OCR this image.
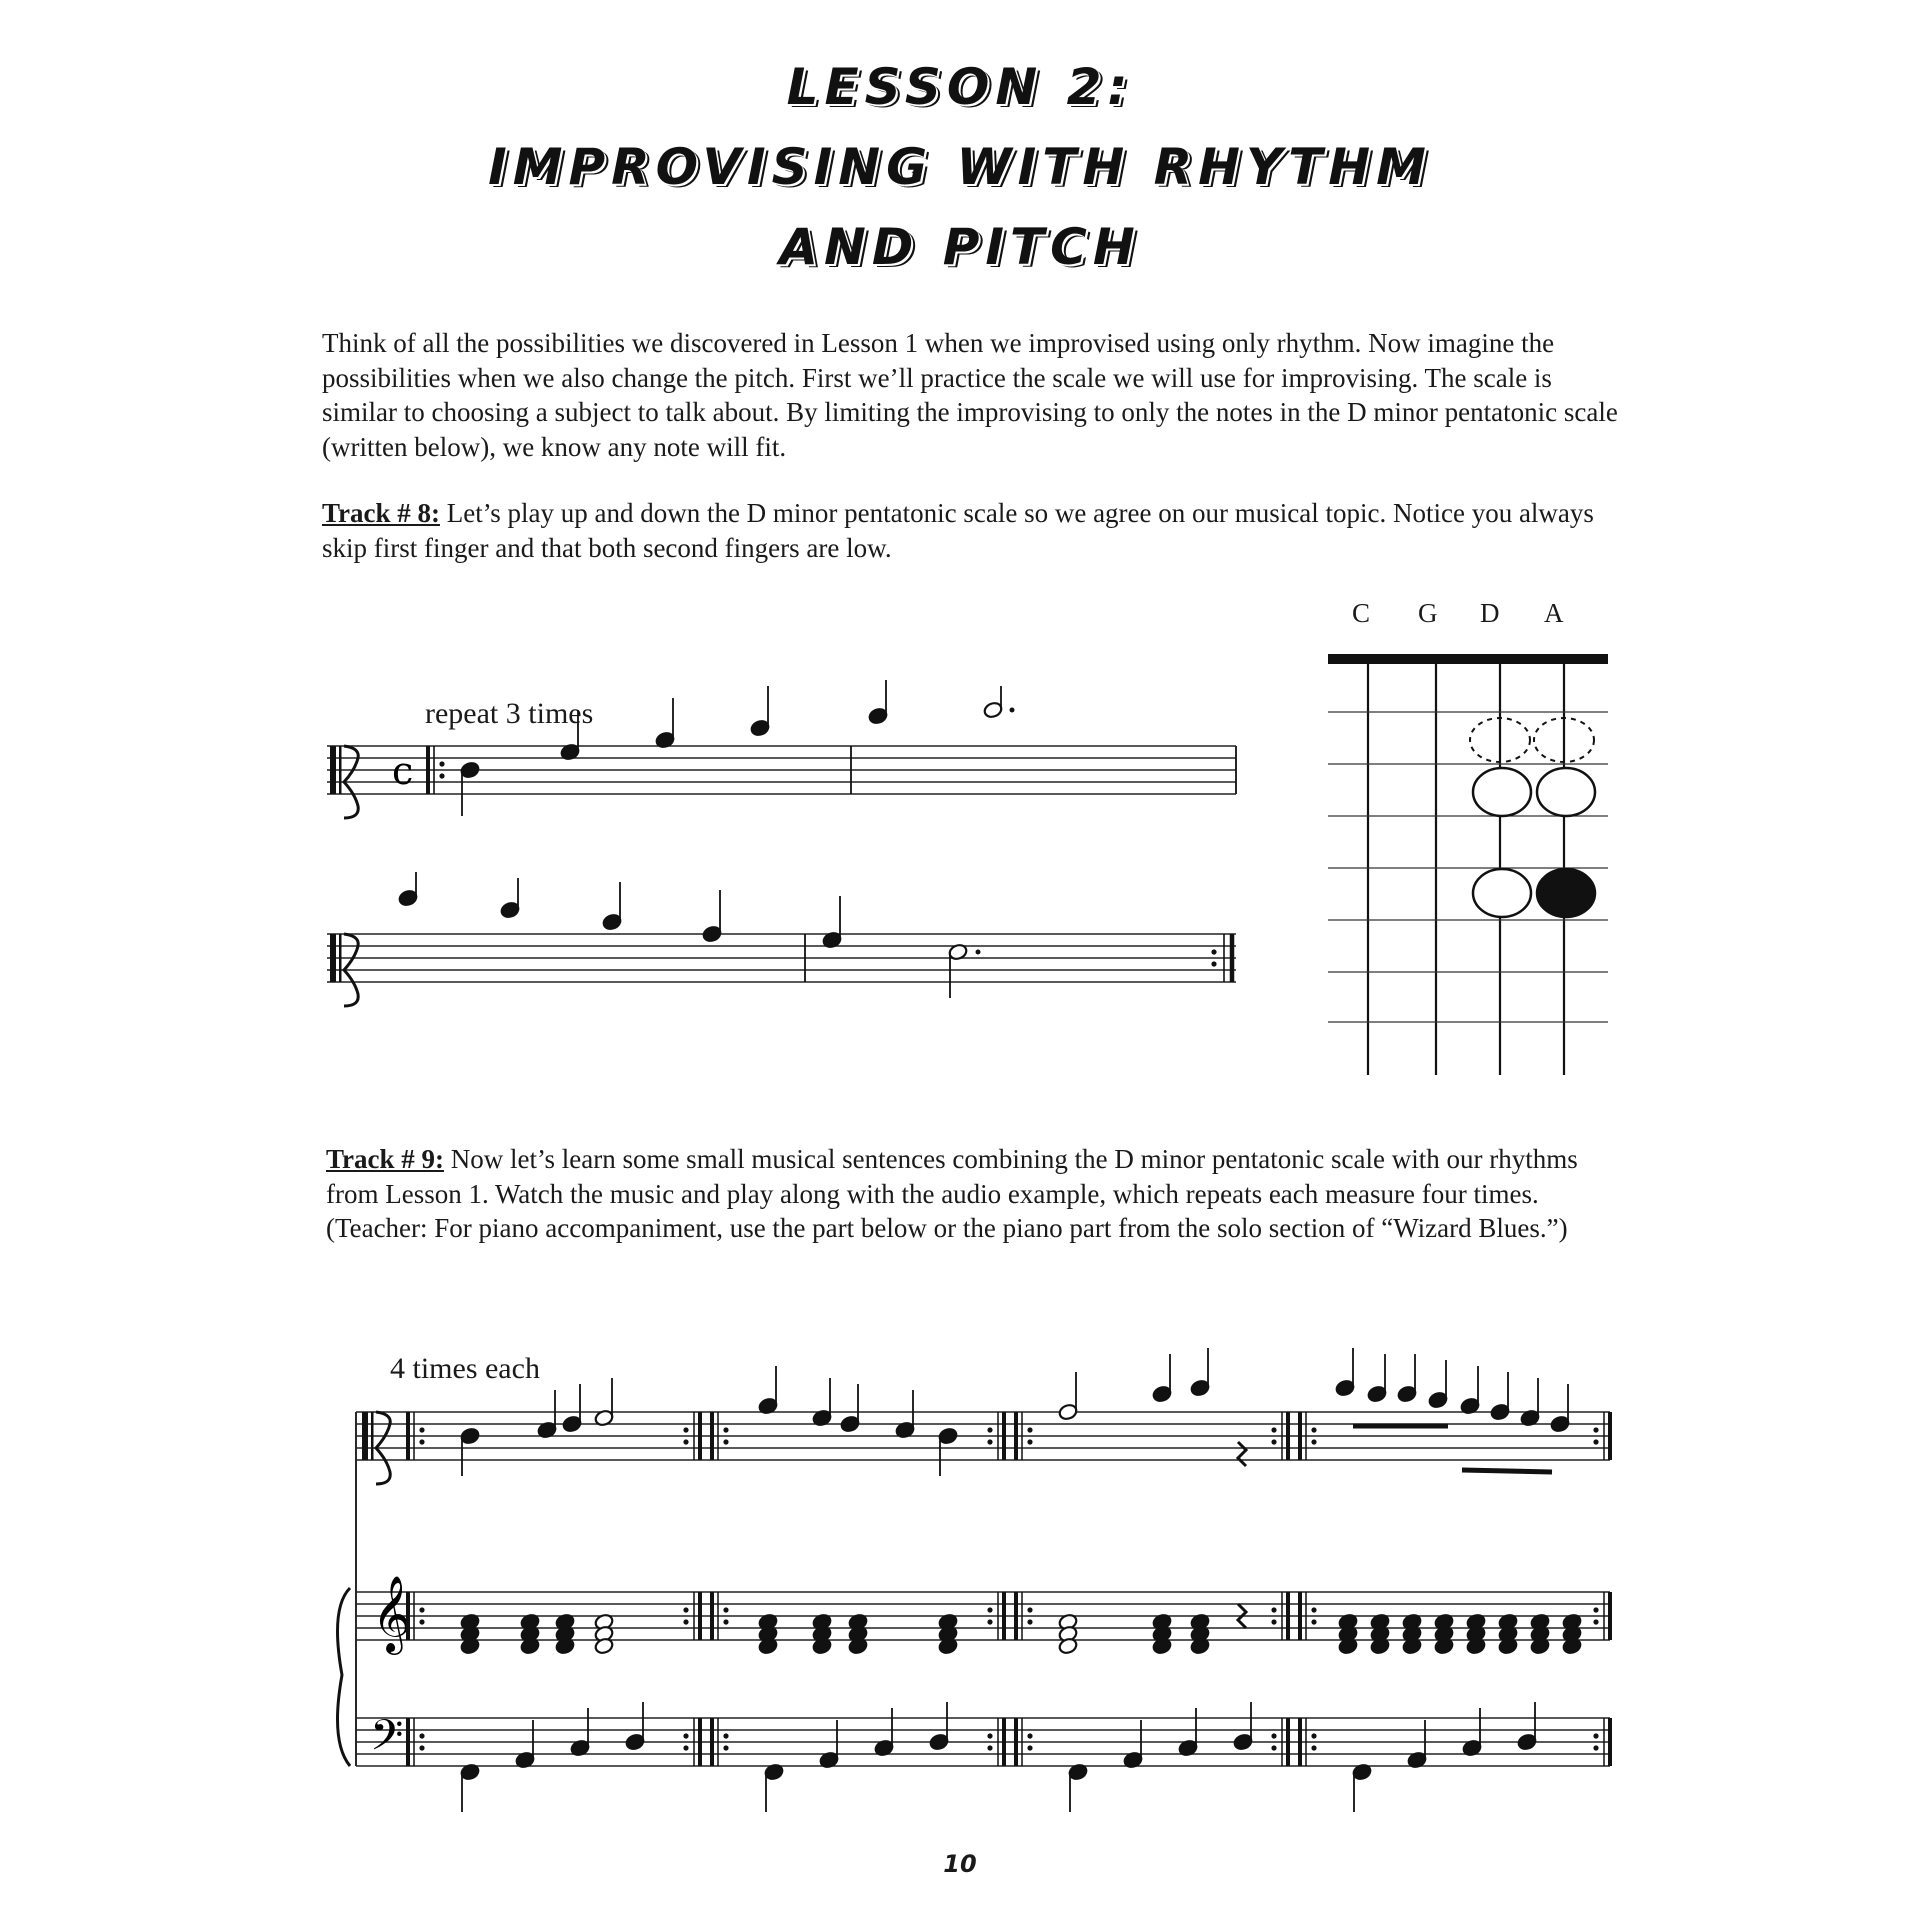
LESSON 2:
IMPROVISING WITH RHYTHM
AND PITCH

Think of all the possibilities we discovered in Lesson 1 when we improvised using only rhythm. Now imagine the possibilities when we also change the pitch. First we’ll practice the scale we will use for improvising. The scale is similar to choosing a subject to talk about. By limiting the improvising to only the notes in the D minor pentatonic scale (written below), we know any note will fit.

Track # 8: Let’s play up and down the D minor pentatonic scale so we agree on our musical topic. Notice you always skip first finger and that both second fingers are low.

Track # 9: Now let’s learn some small musical sentences combining the D minor pentatonic scale with our rhythms from Lesson 1. Watch the music and play along with the audio example, which repeats each measure four times.
(Teacher: For piano accompaniment, use the part below or the piano part from the solo section of “Wizard Blues.”)

repeat 3 times
4 times each
C G D A
c
𝄞
𝄢
10
